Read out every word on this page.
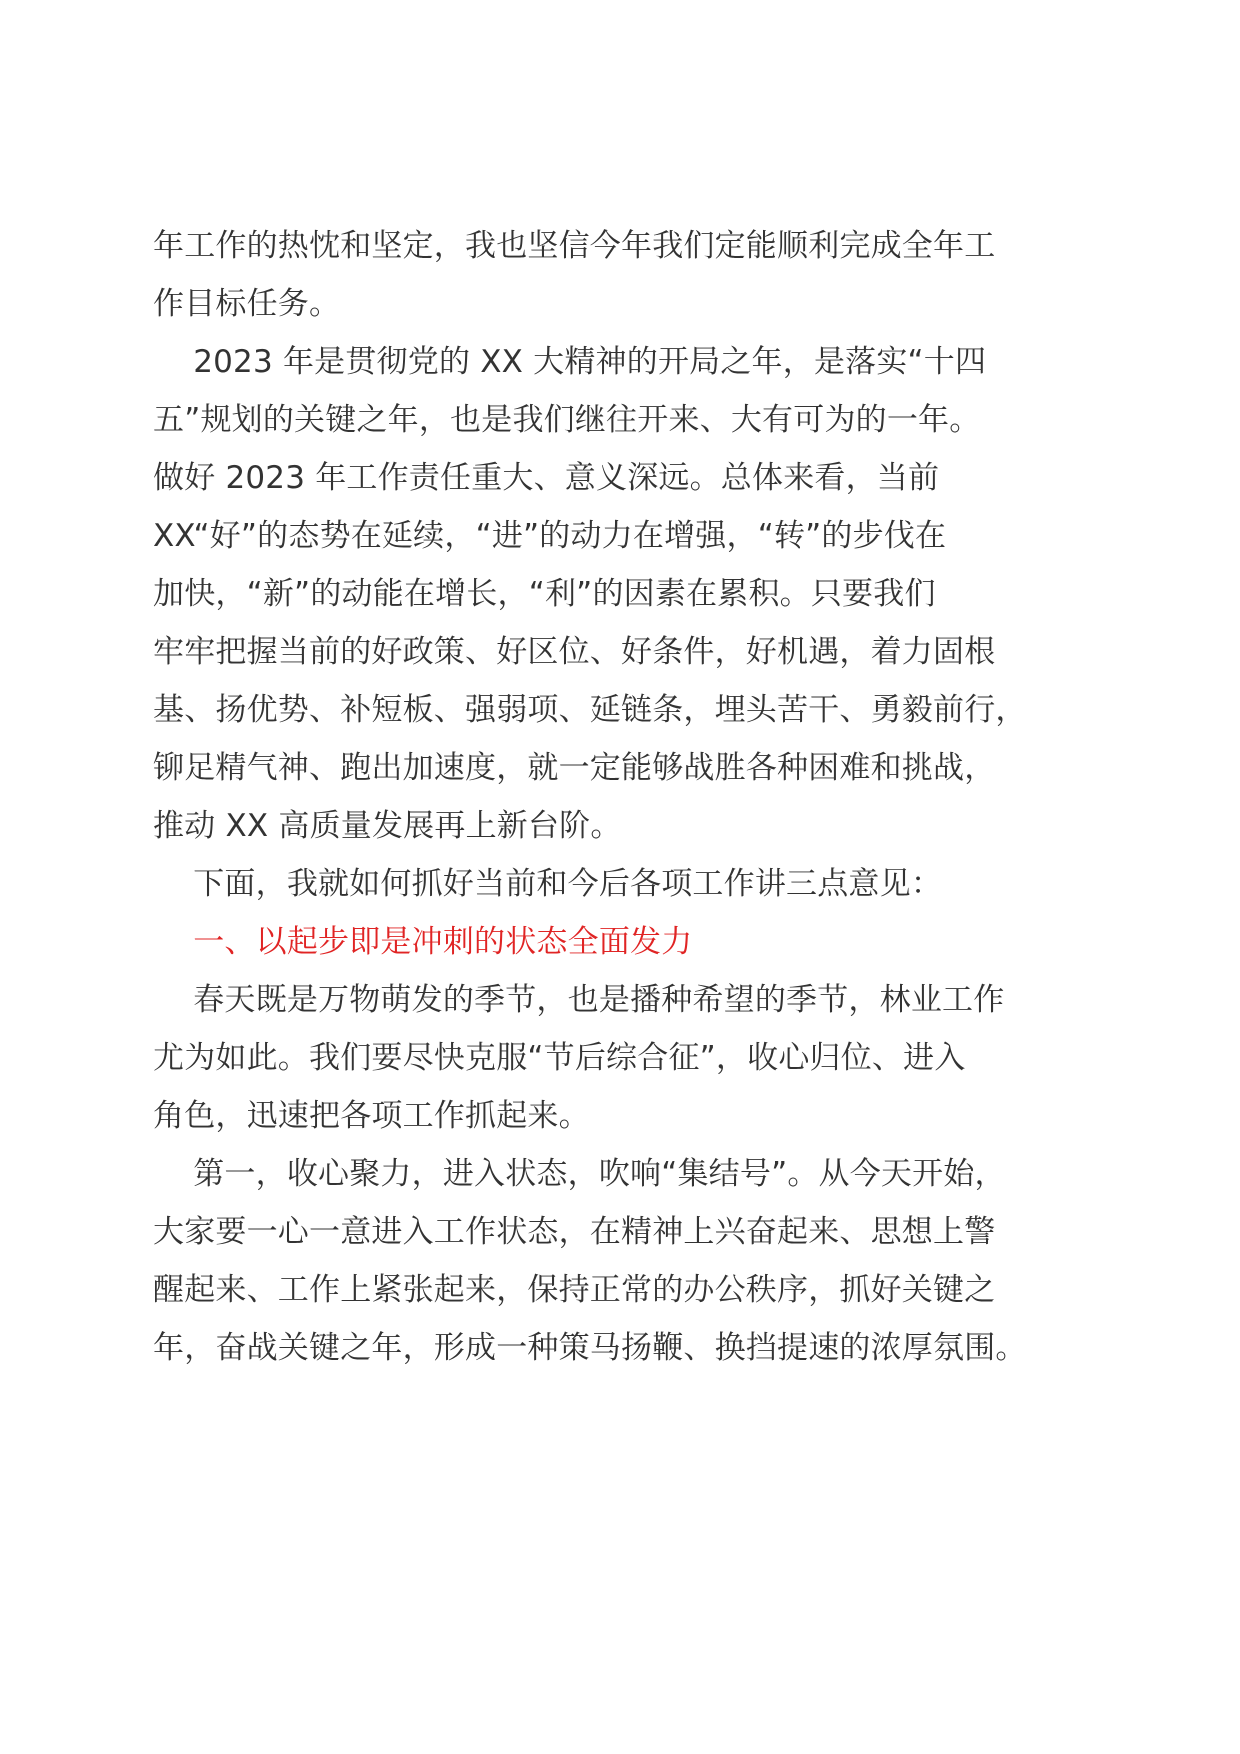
年工作的热忱和坚定，我也坚信今年我们定能顺利完成全年工
作目标任务。
2023 年是贯彻党的 XX 大精神的开局之年，是落实“十四
五”规划的关键之年，也是我们继往开来、大有可为的一年。
做好 2023 年工作责任重大、意义深远。总体来看，当前
XX“好”的态势在延续，“进”的动力在增强，“转”的步伐在
加快，“新”的动能在增长，“利”的因素在累积。只要我们
牢牢把握当前的好政策、好区位、好条件，好机遇，着力固根
基、扬优势、补短板、强弱项、延链条，埋头苦干、勇毅前行，
铆足精气神、跑出加速度，就一定能够战胜各种困难和挑战，
推动 XX 高质量发展再上新台阶。
下面，我就如何抓好当前和今后各项工作讲三点意见：
一、以起步即是冲刺的状态全面发力
春天既是万物萌发的季节，也是播种希望的季节，林业工作
尤为如此。我们要尽快克服“节后综合征”，收心归位、进入
角色，迅速把各项工作抓起来。
第一，收心聚力，进入状态，吹响“集结号”。从今天开始，
大家要一心一意进入工作状态，在精神上兴奋起来、思想上警
醒起来、工作上紧张起来，保持正常的办公秩序，抓好关键之
年，奋战关键之年，形成一种策马扬鞭、换挡提速的浓厚氛围。
